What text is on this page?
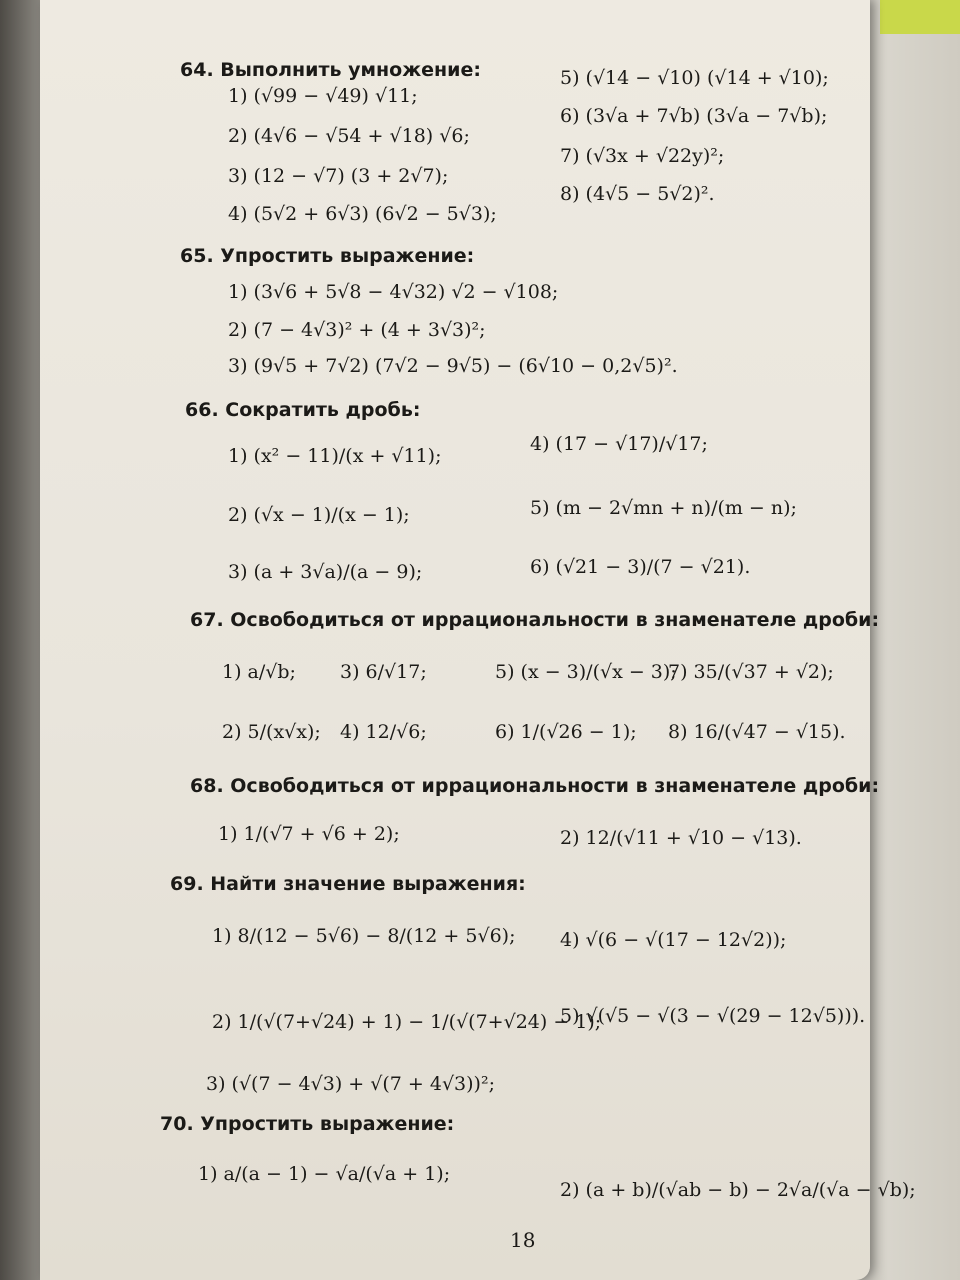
64. Выполнить умножение:
1) (√99 − √49) √11;
2) (4√6 − √54 + √18) √6;
3) (12 − √7) (3 + 2√7);
4) (5√2 + 6√3) (6√2 − 5√3);
5) (√14 − √10) (√14 + √10);
6) (3√a + 7√b) (3√a − 7√b);
7) (√3x + √22y)²;
8) (4√5 − 5√2)².
65. Упростить выражение:
1) (3√6 + 5√8 − 4√32) √2 − √108;
2) (7 − 4√3)² + (4 + 3√3)²;
3) (9√5 + 7√2) (7√2 − 9√5) − (6√10 − 0,2√5)².
66. Сократить дробь:
1) (x² − 11)/(x + √11);
2) (√x − 1)/(x − 1);
3) (a + 3√a)/(a − 9);
4) (17 − √17)/√17;
5) (m − 2√mn + n)/(m − n);
6) (√21 − 3)/(7 − √21).
67. Освободиться от иррациональности в знаменателе дроби:
1) a/√b; 3) 6/√17;	5) (x − 3)/(√x − 3);
7) 35/(√37 + √2);
2) 5/(x√x); 4) 12/√6;	6) 1/(√26 − 1); 8) 16/(√47 − √15).
68. Освободиться от иррациональности в знаменателе дроби:
1) 1/(√7 + √6 + 2);	2) 12/(√11 + √10 − √13).
69. Найти значение выражения:
1) 8/(12 − 5√6) − 8/(12 + 5√6); 4) √(6 − √(17 − 12√2));
2) 1/(√(7+√24) + 1) − 1/(√(7+√24) − 1);
5) √(√5 − √(3 − √(29 − 12√5))).
3) (√(7 − 4√3) + √(7 + 4√3))²;
70. Упростить выражение:
1) a/(a − 1) − √a/(√a + 1);
2) (a + b)/(√ab − b) − 2√a/(√a − √b);
18
